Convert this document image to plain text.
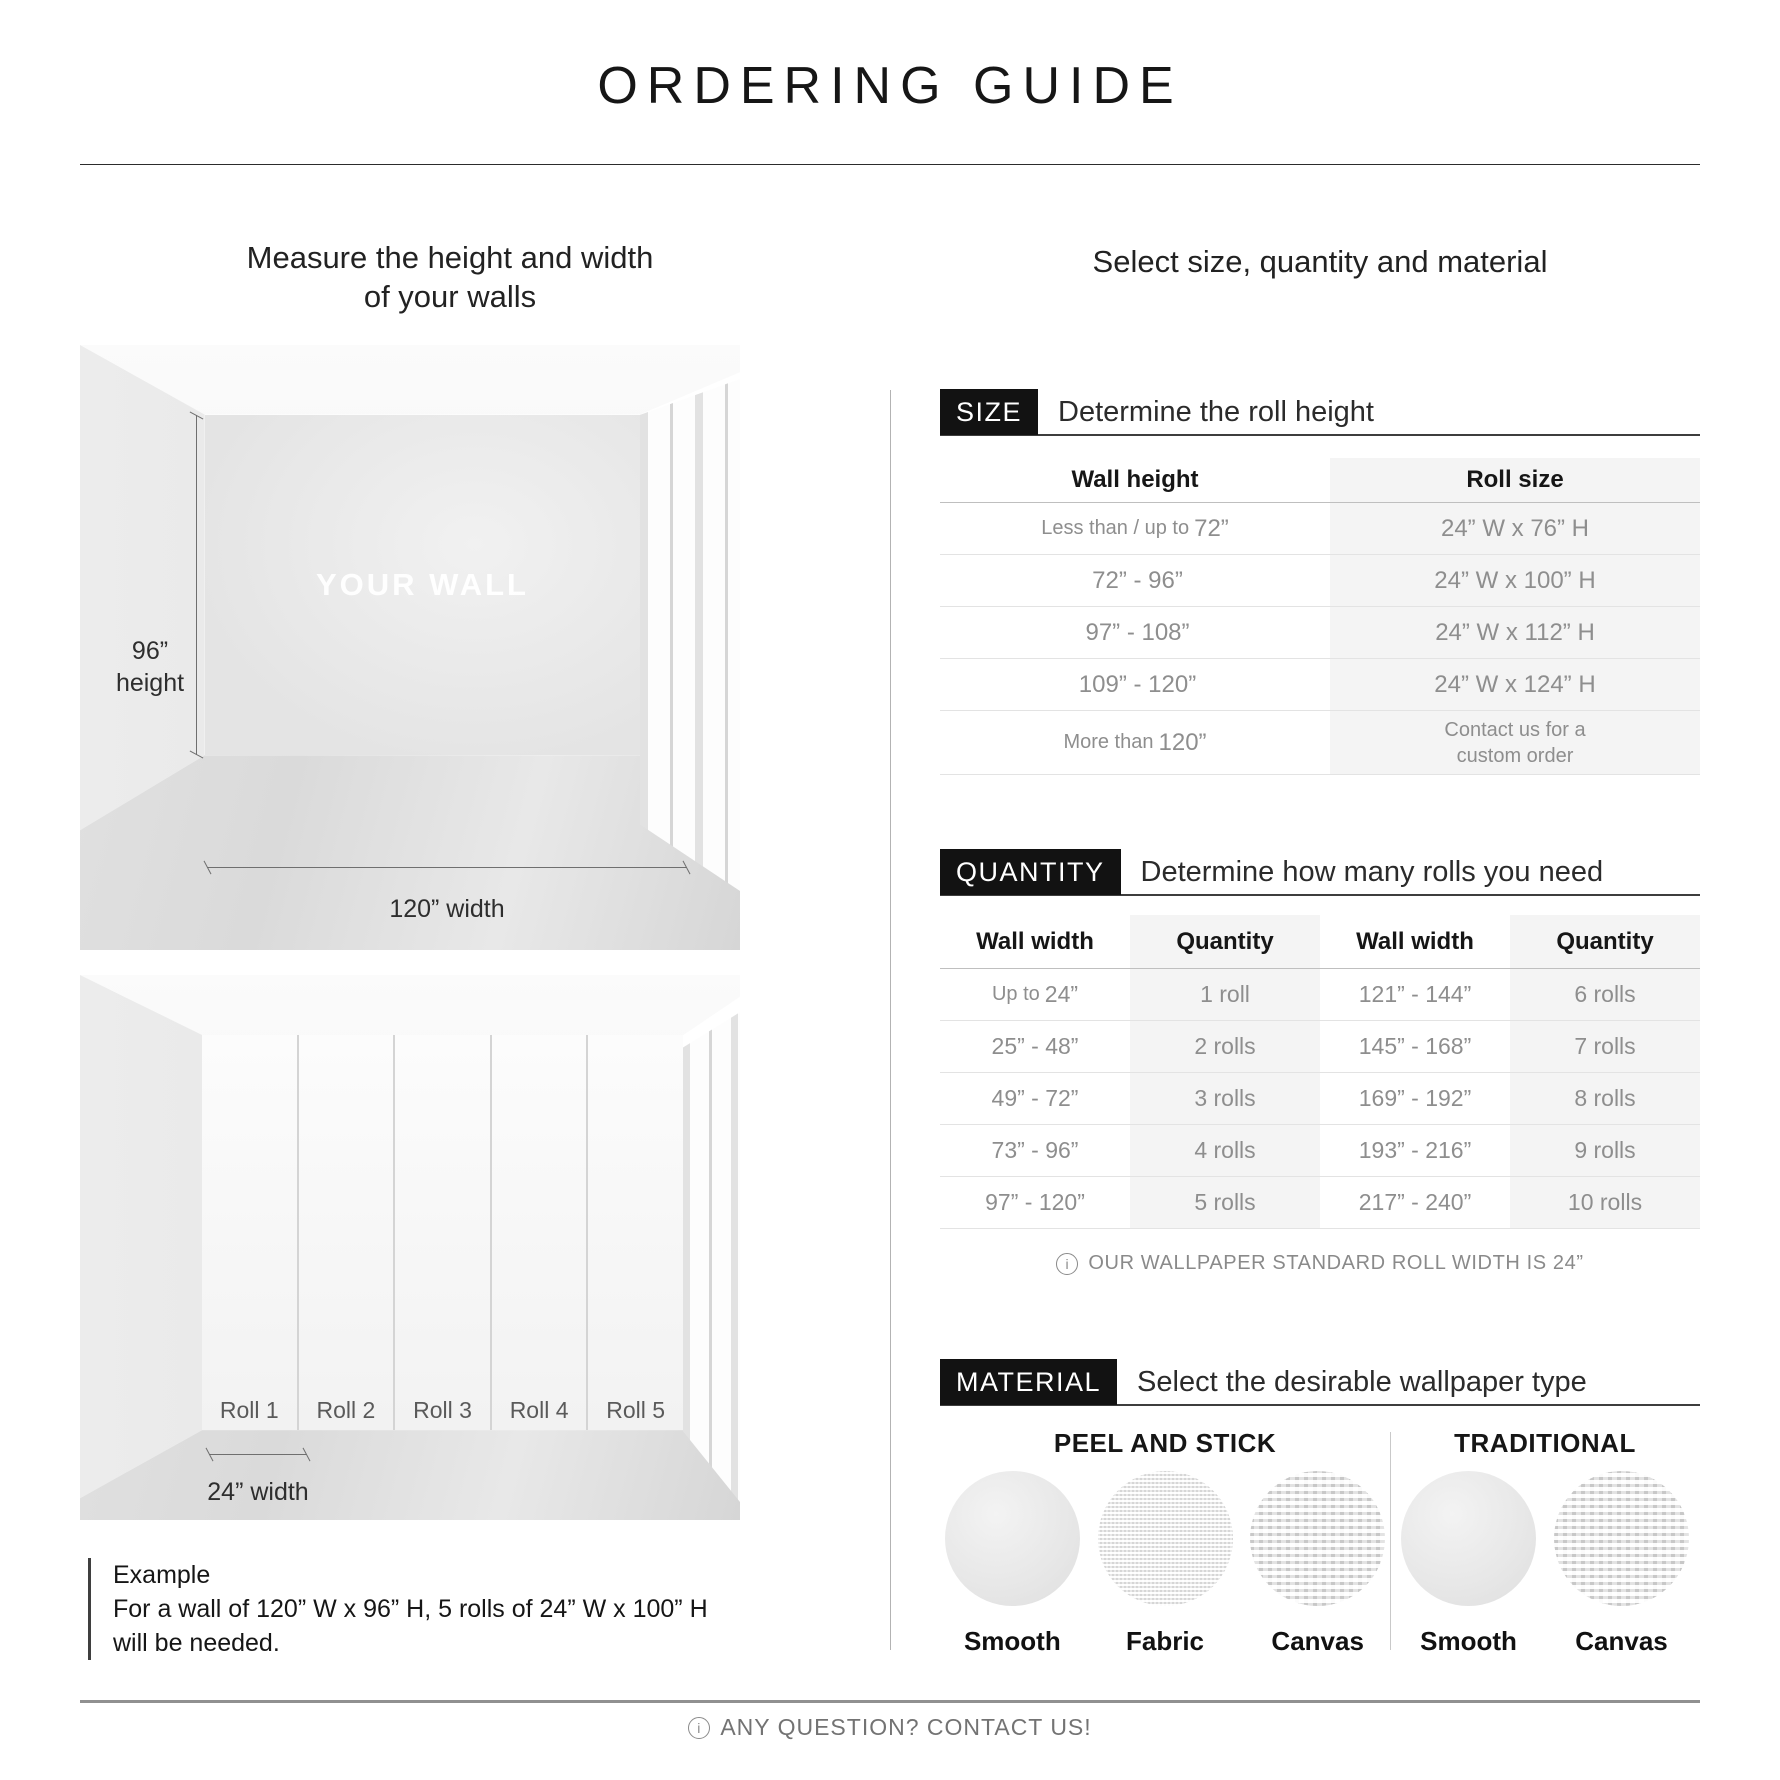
ORDERING GUIDE
Measure the height and width
of your walls
Select size, quantity and material
YOUR WALL
96”
height
120” width
Roll 1 Roll 2 Roll 3 Roll 4 Roll 5
24” width
Example
For a wall of 120” W x 96” H, 5 rolls of 24” W x 100” H
will be needed.
SIZE	Determine the roll height
Wall height	Roll size
Less than / up to 72”	24” W x 76” H
72” - 96”	24” W x 100” H
97” - 108”	24” W x 112” H
109” - 120”	24” W x 124” H
More than 120”	Contact us for a custom order
QUANTITY	Determine how many rolls you need
Wall width	Quantity	Wall width	Quantity
Up to 24”	1 roll	121” - 144”	6 rolls
25” - 48”	2 rolls	145” - 168”	7 rolls
49” - 72”	3 rolls	169” - 192”	8 rolls
73” - 96”	4 rolls	193” - 216”	9 rolls
97” - 120”	5 rolls	217” - 240”	10 rolls
i OUR WALLPAPER STANDARD ROLL WIDTH IS 24”
MATERIAL	Select the desirable wallpaper type
PEEL AND STICK
Smooth	Fabric	Canvas
TRADITIONAL
Smooth Canvas
i ANY QUESTION? CONTACT US!
